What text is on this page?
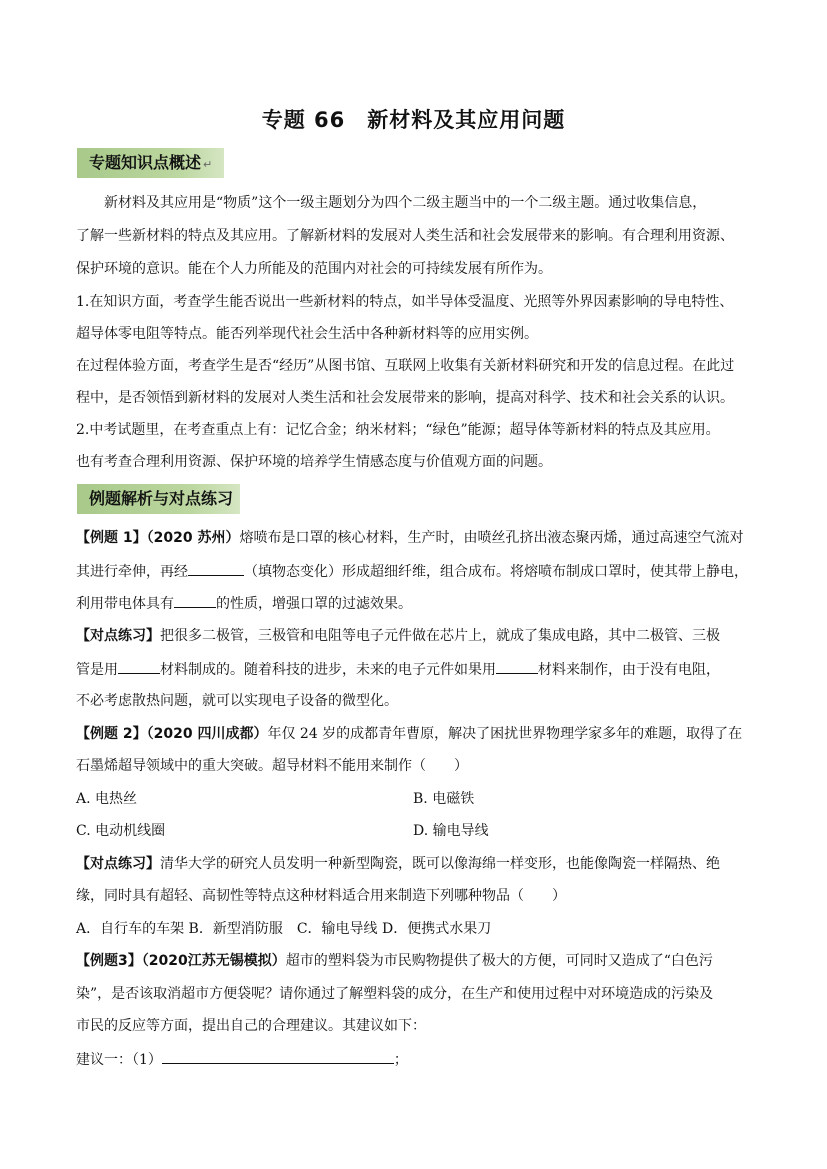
专题 66　新材料及其应用问题
专题知识点概述 ↵
新材料及其应用是“物质”这个一级主题划分为四个二级主题当中的一个二级主题。通过收集信息，
了解一些新材料的特点及其应用。了解新材料的发展对人类生活和社会发展带来的影响。有合理利用资源、
保护环境的意识。能在个人力所能及的范围内对社会的可持续发展有所作为。
1.在知识方面，考查学生能否说出一些新材料的特点，如半导体受温度、光照等外界因素影响的导电特性、
超导体零电阻等特点。能否列举现代社会生活中各种新材料等的应用实例。
在过程体验方面，考查学生是否“经历”从图书馆、互联网上收集有关新材料研究和开发的信息过程。在此过
程中，是否领悟到新材料的发展对人类生活和社会发展带来的影响，提高对科学、技术和社会关系的认识。
2.中考试题里，在考查重点上有：记忆合金；纳米材料；“绿色”能源；超导体等新材料的特点及其应用。
也有考查合理利用资源、保护环境的培养学生情感态度与价值观方面的问题。
例题解析与对点练习
【例题 1】（2020 苏州）熔喷布是口罩的核心材料，生产时，由喷丝孔挤出液态聚丙烯，通过高速空气流对
其进行牵伸，再经	（填物态变化）形成超细纤维，组合成布。将熔喷布制成口罩时，使其带上静电，
利用带电体具有	的性质，增强口罩的过滤效果。
【对点练习】把很多二极管，三极管和电阻等电子元件做在芯片上，就成了集成电路，其中二极管、三极
管是用	材料制成的。随着科技的进步，未来的电子元件如果用	材料来制作，由于没有电阻，
不必考虑散热问题，就可以实现电子设备的微型化。
【例题 2】（2020 四川成都）年仅 24 岁的成都青年曹原，解决了困扰世界物理学家多年的难题，取得了在
石墨烯超导领域中的重大突破。超导材料不能用来制作（　　）
A. 电热丝	B. 电磁铁
C. 电动机线圈	D. 输电导线
【对点练习】清华大学的研究人员发明一种新型陶瓷，既可以像海绵一样变形，也能像陶瓷一样隔热、绝
缘，同时具有超轻、高韧性等特点这种材料适合用来制造下列哪种物品（　　）
A．自行车的车架 B．新型消防服　C．输电导线 D．便携式水果刀
【例题3】（2020江苏无锡模拟）超市的塑料袋为市民购物提供了极大的方便，可同时又造成了“白色污
染”，是否该取消超市方便袋呢？请你通过了解塑料袋的成分，在生产和使用过程中对环境造成的污染及
市民的反应等方面，提出自己的合理建议。其建议如下：
建议一：（1）	；
